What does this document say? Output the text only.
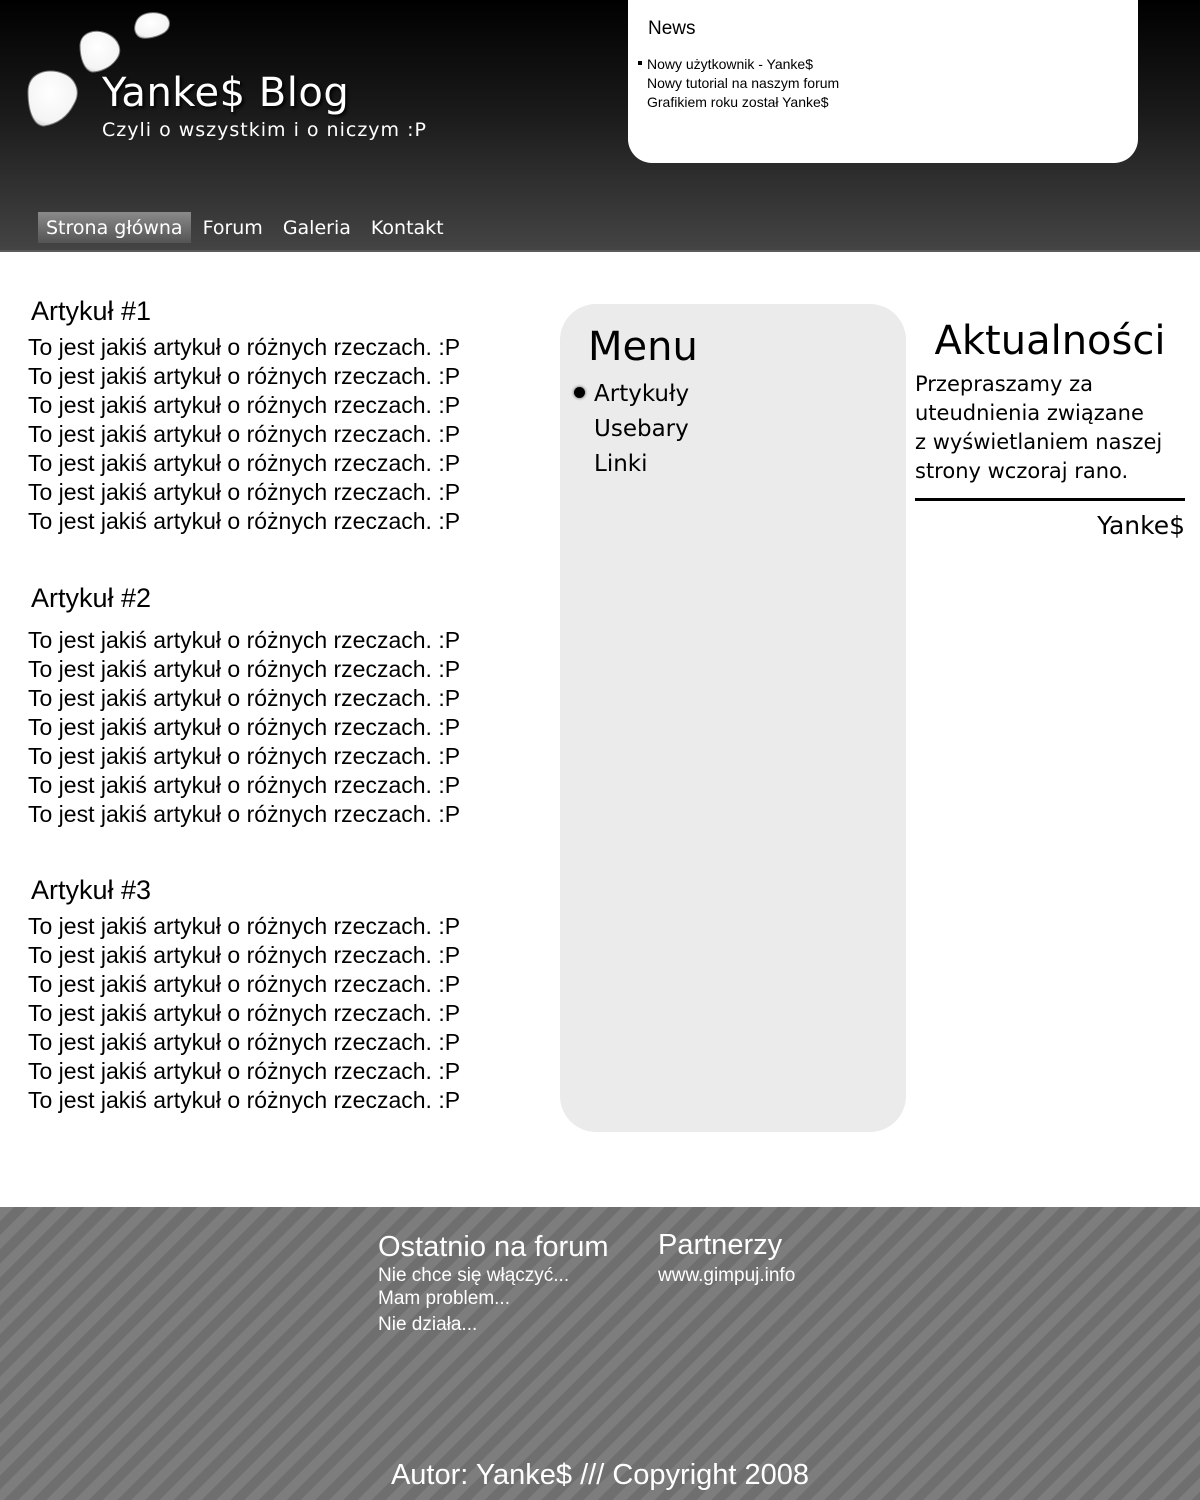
Yanke$ Blog
Czyli o wszystkim i o niczym :P
News
Nowy użytkownik - Yanke$
Nowy tutorial na naszym forum
Grafikiem roku został Yanke$
Strona główna	Forum	Galeria	Kontakt
Artykuł #1
To jest jakiś artykuł o różnych rzeczach. :P
To jest jakiś artykuł o różnych rzeczach. :P
To jest jakiś artykuł o różnych rzeczach. :P
To jest jakiś artykuł o różnych rzeczach. :P
To jest jakiś artykuł o różnych rzeczach. :P
To jest jakiś artykuł o różnych rzeczach. :P
To jest jakiś artykuł o różnych rzeczach. :P
Artykuł #2
To jest jakiś artykuł o różnych rzeczach. :P
To jest jakiś artykuł o różnych rzeczach. :P
To jest jakiś artykuł o różnych rzeczach. :P
To jest jakiś artykuł o różnych rzeczach. :P
To jest jakiś artykuł o różnych rzeczach. :P
To jest jakiś artykuł o różnych rzeczach. :P
To jest jakiś artykuł o różnych rzeczach. :P
Artykuł #3
To jest jakiś artykuł o różnych rzeczach. :P
To jest jakiś artykuł o różnych rzeczach. :P
To jest jakiś artykuł o różnych rzeczach. :P
To jest jakiś artykuł o różnych rzeczach. :P
To jest jakiś artykuł o różnych rzeczach. :P
To jest jakiś artykuł o różnych rzeczach. :P
To jest jakiś artykuł o różnych rzeczach. :P
Menu
Artykuły
Usebary
Linki
Aktualności
Przepraszamy za
uteudnienia związane
z wyświetlaniem naszej
strony wczoraj rano.
Yanke$
Ostatnio na forum
Nie chce się włączyć...
Mam problem...
Nie działa...
Partnerzy
www.gimpuj.info
Autor: Yanke$ /// Copyright 2008
